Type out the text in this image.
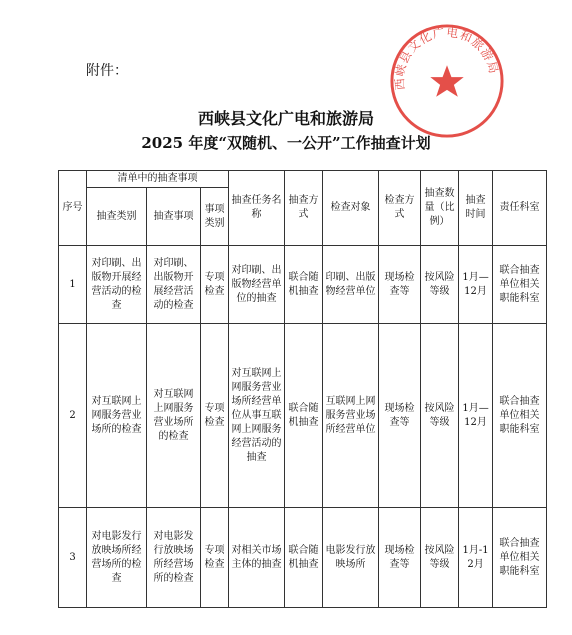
附件：
西峡县文化广电和旅游局
2025 年度“双随机、一公开”工作抽查计划
西峡县文化广电和旅游局
序号	清单中的抽查事项			抽查任务名称	抽查方式	检查对象	检查方式	抽查数量（比例）	抽查时间	责任科室
	抽查类别	抽查事项	事项类别							
1	对印刷、出版物开展经营活动的检查	对印刷、出版物开展经营活动的检查	专项检查	对印刷、出版物经营单位的抽查	联合随机抽查	印刷、出版物经营单位	现场检查等	按风险等级	1月—12月	联合抽查单位相关职能科室
2	对互联网上网服务营业场所的检查	对互联网上网服务营业场所的检查	专项检查	对互联网上网服务营业场所经营单位从事互联网上网服务经营活动的抽查	联合随机抽查	互联网上网服务营业场所经营单位	现场检查等	按风险等级	1月—12月	联合抽查单位相关职能科室
3	对电影发行放映场所经营场所的检查	对电影发行放映场所经营场所的检查	专项检查	对相关市场主体的抽查	联合随机抽查	电影发行放映场所	现场检查等	按风险等级	1月-12月	联合抽查单位相关职能科室
